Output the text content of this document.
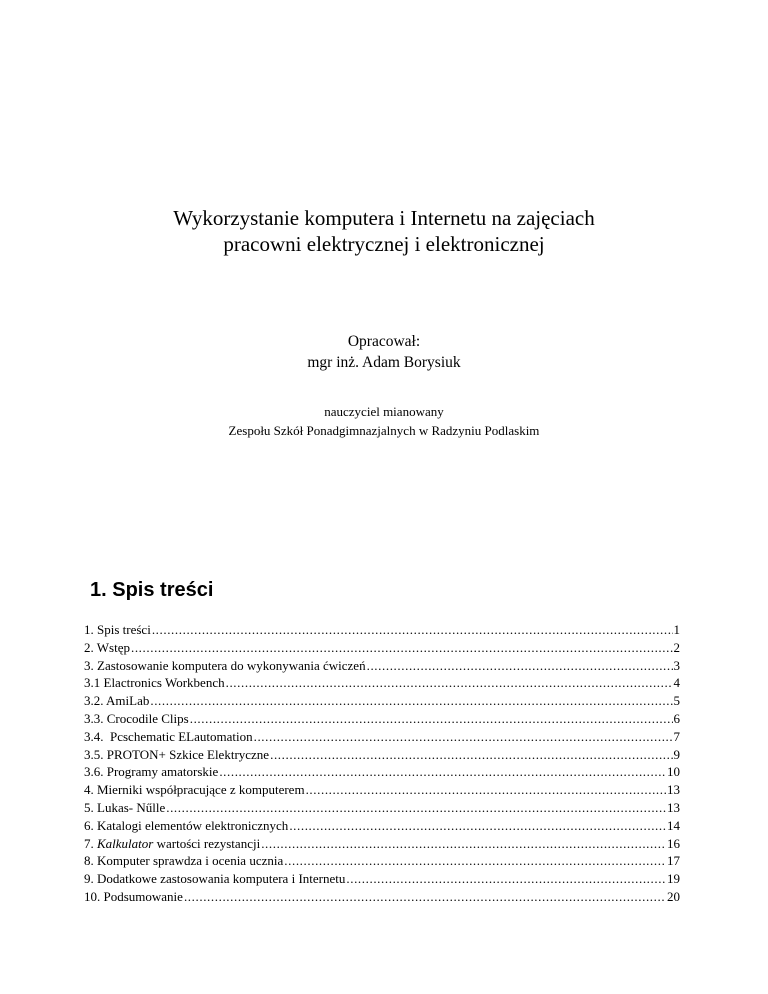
Wykorzystanie komputera i Internetu na zajęciach
pracowni elektrycznej i elektronicznej
Opracował:
mgr inż. Adam Borysiuk
nauczyciel mianowany
Zespołu Szkół Ponadgimnazjalnych w Radzyniu Podlaskim
1. Spis treści
1. Spis treści .....	1
2. Wstęp .....	2
3. Zastosowanie komputera do wykonywania ćwiczeń .....	3
3.1 Elactronics Workbench .....	4
3.2. AmiLab .....	5
3.3. Crocodile Clips .....	6
3.4.  Pcschematic ELautomation .....	7
3.5. PROTON+ Szkice Elektryczne .....	9
3.6. Programy amatorskie .....	10
4. Mierniki współpracujące z komputerem .....	13
5. Lukas- Nűlle .....	13
6. Katalogi elementów elektronicznych .....	14
7. Kalkulator wartości rezystancji .....	16
8. Komputer sprawdza i ocenia ucznia .....	17
9. Dodatkowe zastosowania komputera i Internetu .....	19
10. Podsumowanie .....	20
